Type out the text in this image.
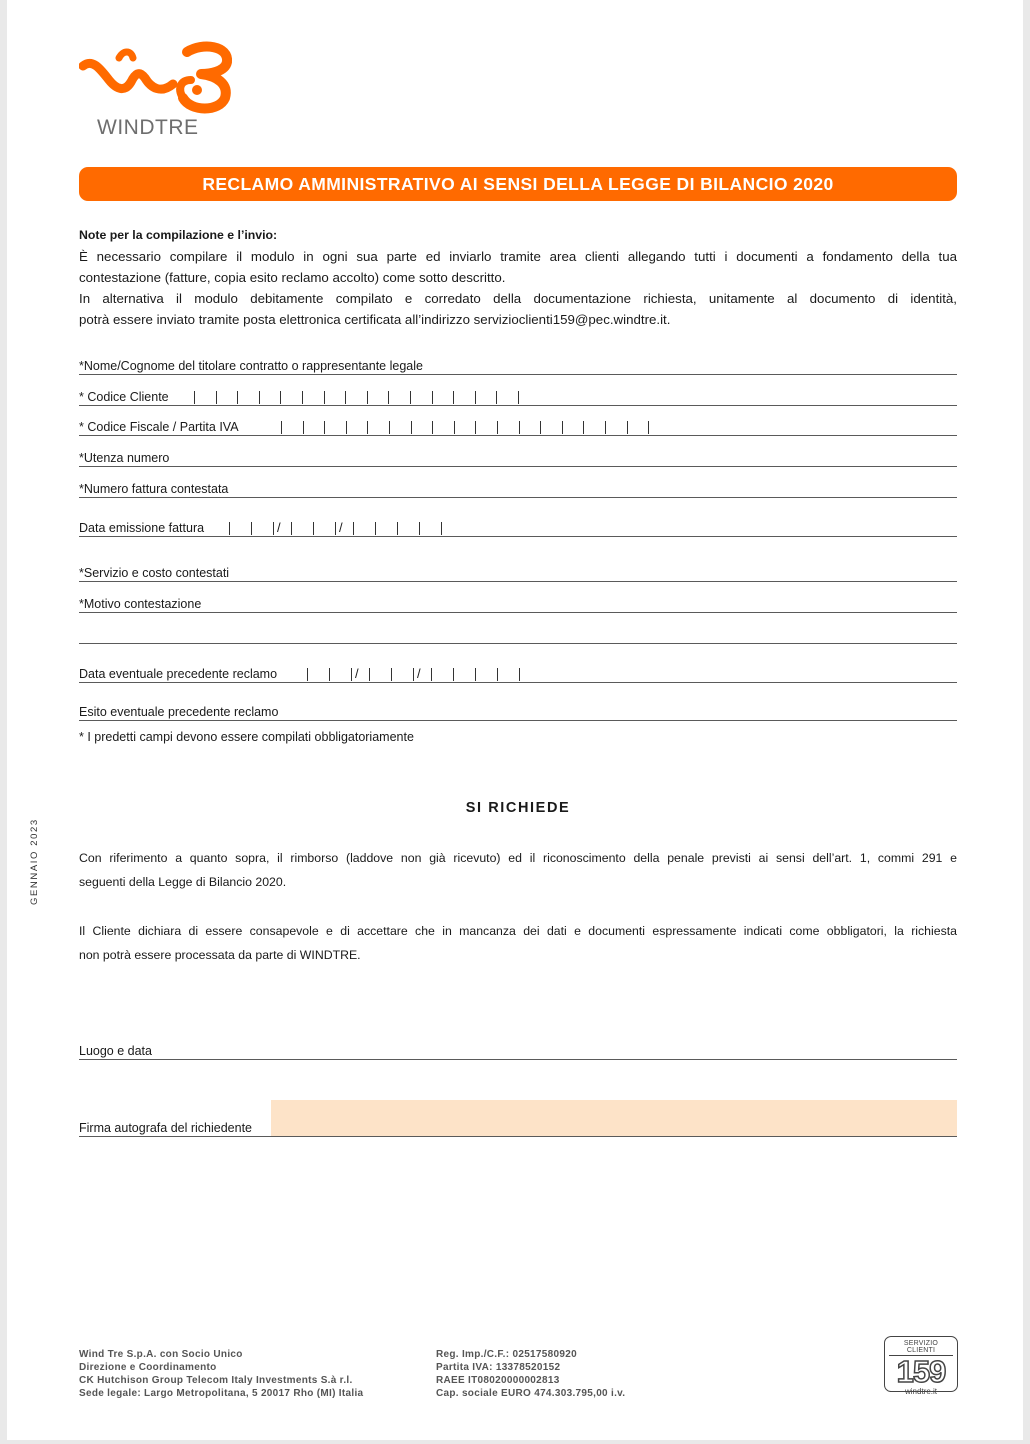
WINDTRE
RECLAMO AMMINISTRATIVO AI SENSI DELLA LEGGE DI BILANCIO 2020
Note per la compilazione e l’invio:

È necessario compilare il modulo in ogni sua parte ed inviarlo tramite area clienti allegando tutti i documenti a fondamento della tua

contestazione (fatture, copia esito reclamo accolto) come sotto descritto.

In alternativa il modulo debitamente compilato e corredato della documentazione richiesta, unitamente al documento di identità,

potrà essere inviato tramite posta elettronica certificata all’indirizzo servizioclienti159@pec.windtre.it.

*Nome/Cognome del titolare contratto o rappresentante legale
* Codice Cliente
* Codice Fiscale / Partita IVA
*Utenza numero
*Numero fattura contestata
Data emissione fattura	/	/
*Servizio e costo contestati
*Motivo contestazione
Data eventuale precedente reclamo	/	/
Esito eventuale precedente reclamo
* I predetti campi devono essere compilati obbligatoriamente
SI RICHIEDE

Con riferimento a quanto sopra, il rimborso (laddove non già ricevuto) ed il riconoscimento della penale previsti ai sensi dell’art. 1, commi 291 e

seguenti della Legge di Bilancio 2020.

Il Cliente dichiara di essere consapevole e di accettare che in mancanza dei dati e documenti espressamente indicati come obbligatori, la richiesta

non potrà essere processata da parte di WINDTRE.

Luogo e data
Firma autografa del richiedente
GENNAIO 2023
Wind Tre S.p.A. con Socio Unico
Direzione e Coordinamento
CK Hutchison Group Telecom Italy Investments S.à r.l.
Sede legale: Largo Metropolitana, 5 20017 Rho (MI) Italia
Reg. Imp./C.F.: 02517580920
Partita IVA: 13378520152
RAEE IT08020000002813
Cap. sociale EURO 474.303.795,00 i.v.
SERVIZIO CLIENTI
159
windtre.it
